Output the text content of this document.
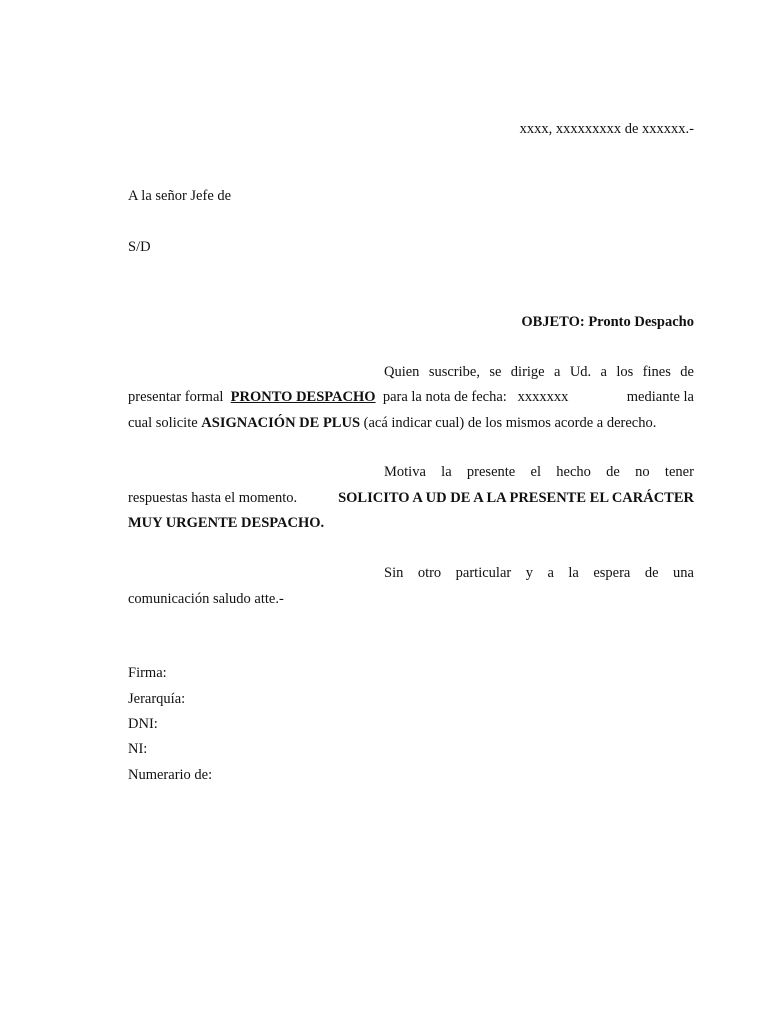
xxxx, xxxxxxxxx de xxxxxx.-
A la señor Jefe de
S/D
OBJETO: Pronto Despacho
Quien suscribe, se dirige a Ud. a los fines de
presentar formal PRONTO DESPACHO para la nota de fecha: xxxxxxx	mediante la
cual solicite ASIGNACIÓN DE PLUS (acá indicar cual) de los mismos acorde a derecho.
Motiva la presente el hecho de no tener
respuestas hasta el momento.	SOLICITO A UD DE A LA PRESENTE EL CARÁCTER
MUY URGENTE DESPACHO.
Sin otro particular y a la espera de una
comunicación saludo atte.-
Firma:
Jerarquía:
DNI:
NI:
Numerario de:
